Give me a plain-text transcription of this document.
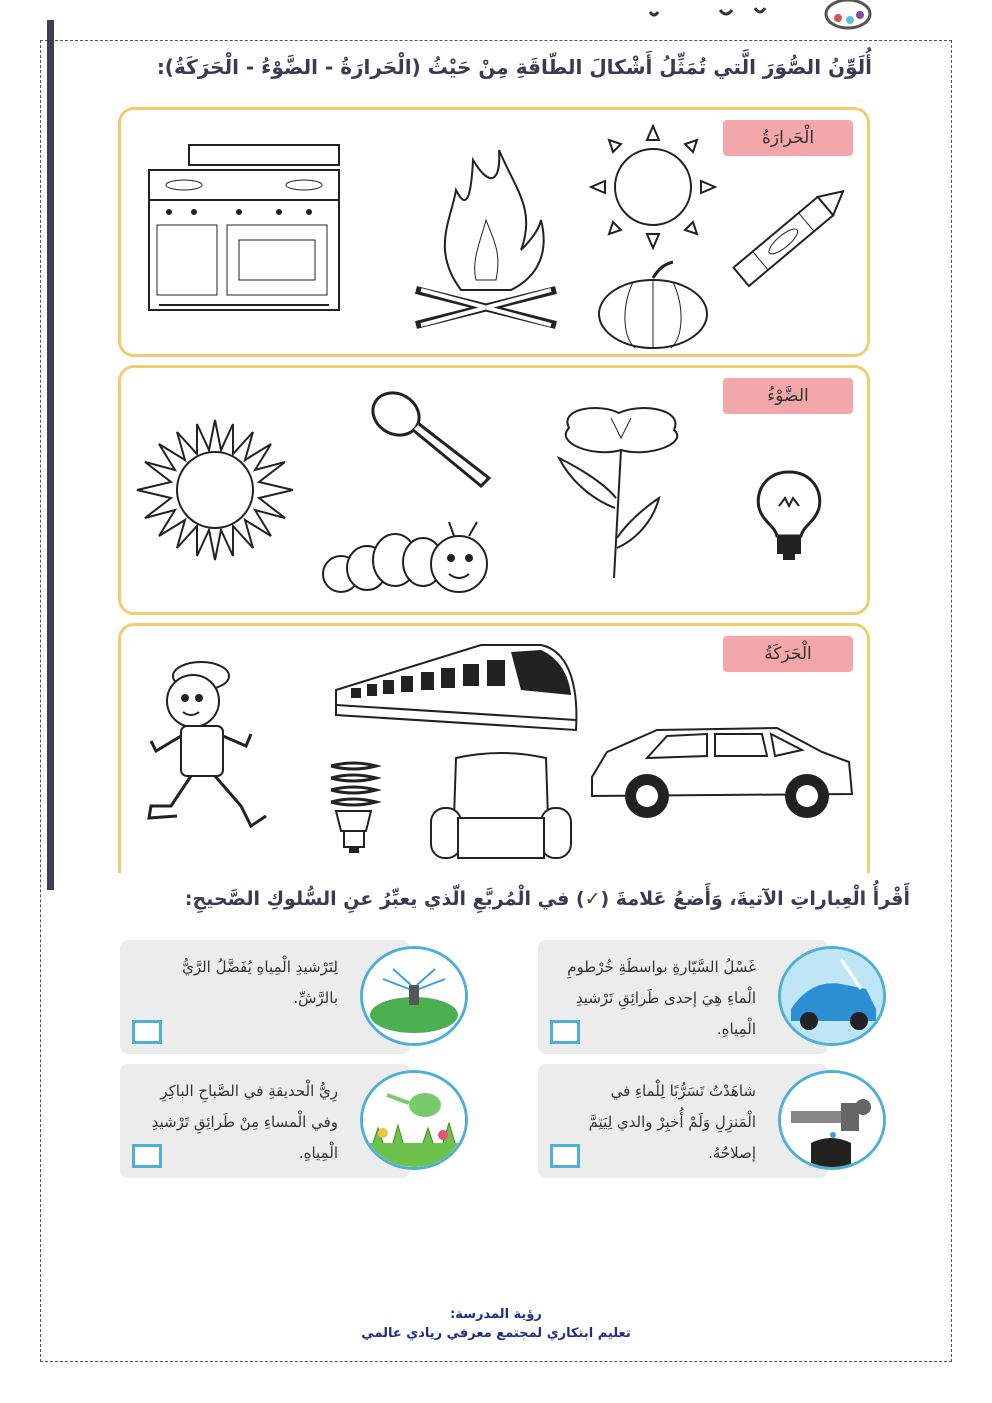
أُلَوِّنُ الصُّوَرَ الَّتي تُمَثِّلُ أَشْكالَ الطّاقَةِ مِنْ حَيْثُ (الْحَرارَةُ - الضَّوْءُ - الْحَرَكَةُ):
الْحَرارَةُ
الضَّوْءُ
الْحَرَكَةُ
أَقْرأُ الْعِباراتِ الآتيةَ، وَأَضعُ عَلامةَ (✓) في الْمُربَّعِ الّذي يعبِّرُ عنِ السُّلوكِ الصَّحيحِ:
غَسْلُ السَّيّارةِ بواسطَةِ خُرْطومِ الْماءِ هِيَ إحدى طَرائِقِ تَرْشيدِ الْمِياهِ.
لِتَرْشيدِ الْمِياهِ يُفَضَّلُ الرَّيُّ بالرَّشِّ.
شاهَدْتُ تَسَرُّبًا لِلْماءِ في الْمَنزِلِ وَلَمْ أُخبِرْ والدي لِيَتِمَّ إصلاحُهُ.
رِيُّ الْحديقةِ في الصَّباحِ الباكِرِ وفي الْمساءِ مِنْ طَرائِقِ تَرْشيدِ الْمِياهِ.
رؤية المدرسة:
تعليم ابتكاري لمجتمع معرفي ريادي عالمي
